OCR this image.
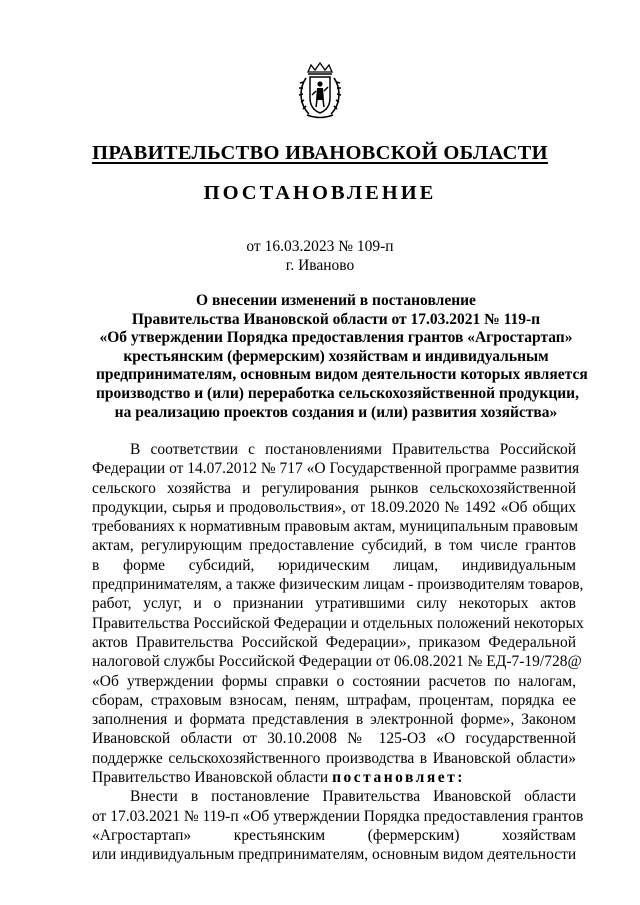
ПРАВИТЕЛЬСТВО ИВАНОВСКОЙ ОБЛАСТИ
ПОСТАНОВЛЕНИЕ
от 16.03.2023 № 109-п
г. Иваново
О внесении изменений в постановление
Правительства Ивановской области от 17.03.2021 № 119-п
«Об утверждении Порядка предоставления грантов «Агростартап»
крестьянским (фермерским) хозяйствам и индивидуальным
предпринимателям, основным видом деятельности которых является
производство и (или) переработка сельскохозяйственной продукции,
на реализацию проектов создания и (или) развития хозяйства»
В соответствии с постановлениями Правительства Российской
Федерации от 14.07.2012 № 717 «О Государственной программе развития
сельского хозяйства и регулирования рынков сельскохозяйственной
продукции, сырья и продовольствия», от 18.09.2020 № 1492 «Об общих
требованиях к нормативным правовым актам, муниципальным правовым
актам, регулирующим предоставление субсидий, в том числе грантов
в форме субсидий, юридическим лицам, индивидуальным
предпринимателям, а также физическим лицам - производителям товаров,
работ, услуг, и о признании утратившими силу некоторых актов
Правительства Российской Федерации и отдельных положений некоторых
актов Правительства Российской Федерации», приказом Федеральной
налоговой службы Российской Федерации от 06.08.2021 № ЕД-7-19/728@
«Об утверждении формы справки о состоянии расчетов по налогам,
сборам, страховым взносам, пеням, штрафам, процентам, порядка ее
заполнения и формата представления в электронной форме», Законом
Ивановской области от 30.10.2008 № 125-ОЗ «О государственной
поддержке сельскохозяйственного производства в Ивановской области»
Правительство Ивановской области постановляет:
Внести в постановление Правительства Ивановской области
от 17.03.2021 № 119-п «Об утверждении Порядка предоставления грантов
«Агростартап» крестьянским (фермерским) хозяйствам
или индивидуальным предпринимателям, основным видом деятельности
